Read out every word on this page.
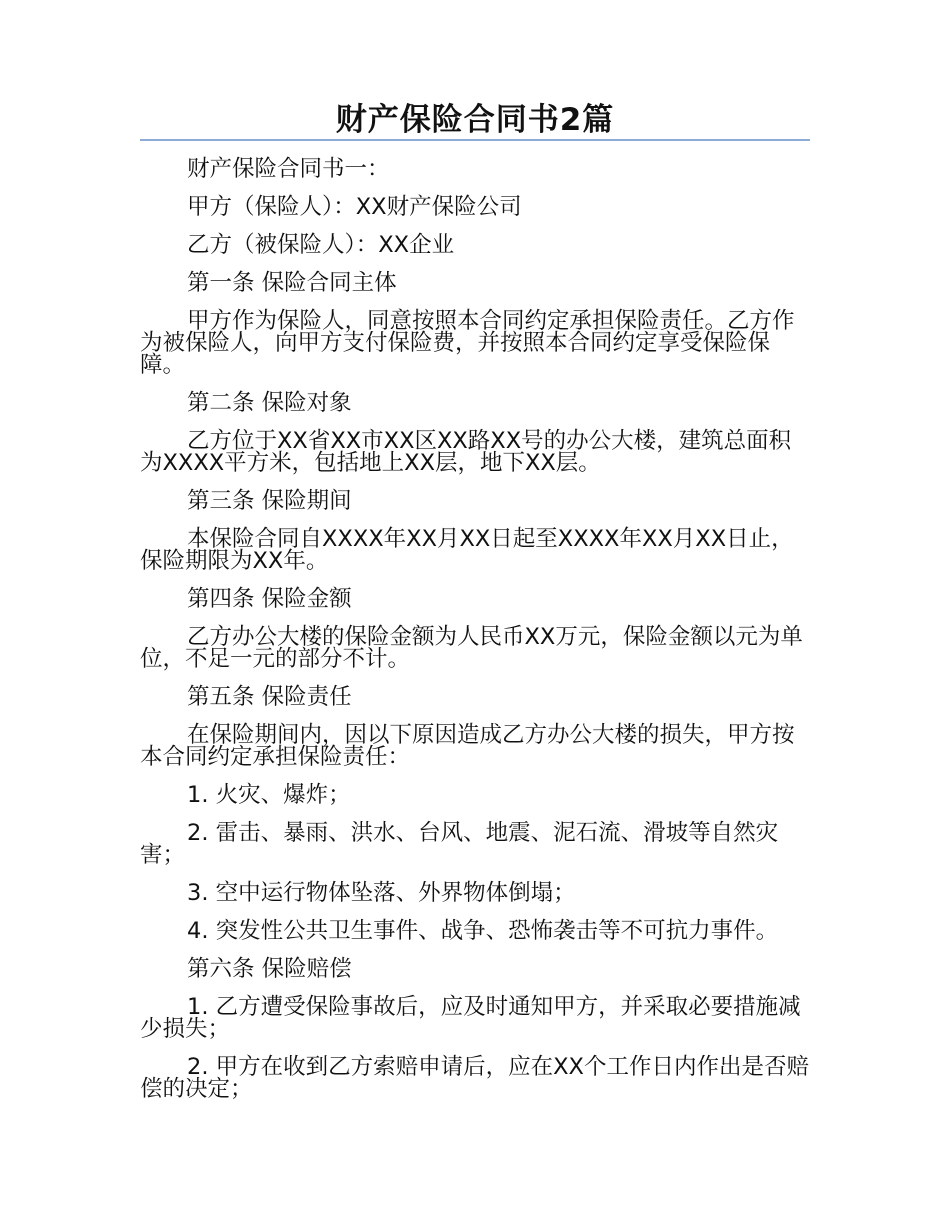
财产保险合同书2篇

财产保险合同书一：

甲方（保险人）：XX财产保险公司

乙方（被保险人）：XX企业

第一条 保险合同主体

甲方作为保险人，同意按照本合同约定承担保险责任。乙方作为被保险人，向甲方支付保险费，并按照本合同约定享受保险保障。

第二条 保险对象

乙方位于XX省XX市XX区XX路XX号的办公大楼，建筑总面积为XXXX平方米，包括地上XX层，地下XX层。

第三条 保险期间

本保险合同自XXXX年XX月XX日起至XXXX年XX月XX日止，保险期限为XX年。

第四条 保险金额

乙方办公大楼的保险金额为人民币XX万元，保险金额以元为单位，不足一元的部分不计。

第五条 保险责任

在保险期间内，因以下原因造成乙方办公大楼的损失，甲方按本合同约定承担保险责任：

1. 火灾、爆炸；

2. 雷击、暴雨、洪水、台风、地震、泥石流、滑坡等自然灾害；

3. 空中运行物体坠落、外界物体倒塌；

4. 突发性公共卫生事件、战争、恐怖袭击等不可抗力事件。

第六条 保险赔偿

1. 乙方遭受保险事故后，应及时通知甲方，并采取必要措施减少损失；

2. 甲方在收到乙方索赔申请后，应在XX个工作日内作出是否赔偿的决定；
